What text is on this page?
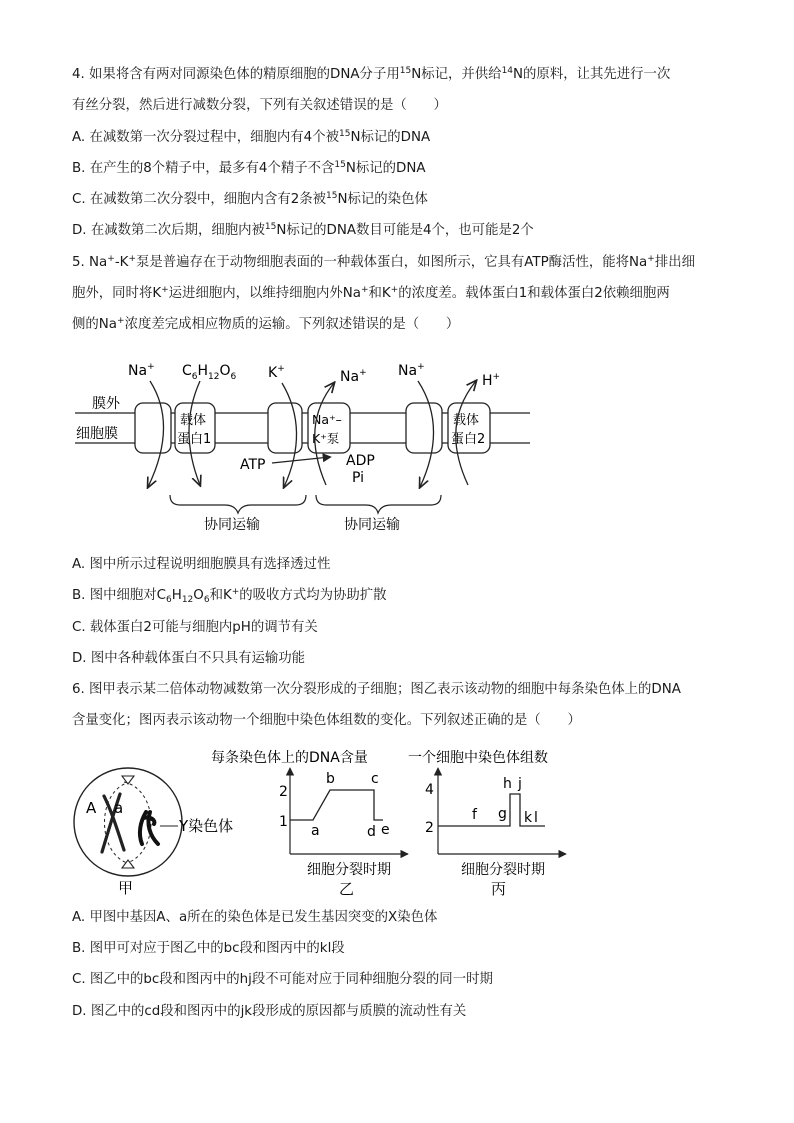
4. 如果将含有两对同源染色体的精原细胞的DNA分子用$^{15}$N标记，并供给$^{14}$N的原料，让其先进行一次
有丝分裂，然后进行减数分裂，下列有关叙述错误的是（　　）
A. 在减数第一次分裂过程中，细胞内有4个被$^{15}$N标记的DNA
B. 在产生的8个精子中，最多有4个精子不含$^{15}$N标记的DNA
C. 在减数第二次分裂中，细胞内含有2条被$^{15}$N标记的染色体
D. 在减数第二次后期，细胞内被$^{15}$N标记的DNA数目可能是4个，也可能是2个
5. Na+-K+泵是普遍存在于动物细胞表面的一种载体蛋白，如图所示，它具有ATP酶活性，能将Na+排出细
胞外，同时将K+运进细胞内，以维持细胞内外Na+和K+的浓度差。载体蛋白1和载体蛋白2依赖细胞两
侧的Na+浓度差完成相应物质的运输。下列叙述错误的是（　　）
膜外
细胞膜
载体
蛋白1
Na⁺–
K⁺泵
载体
蛋白2
Na+ $C_6H_{12}O_6$ K+	Na+ Na+
H+
ATP	ADP
Pi
协同运输	协同运输
A. 图中所示过程说明细胞膜具有选择透过性
B. 图中细胞对$C_6H_{12}O_6$和K+的吸收方式均为协助扩散
C. 载体蛋白2可能与细胞内pH的调节有关
D. 图中各种载体蛋白不只具有运输功能
6. 图甲表示某二倍体动物减数第一次分裂形成的子细胞；图乙表示该动物的细胞中每条染色体上的DNA
含量变化；图丙表示该动物一个细胞中染色体组数的变化。下列叙述正确的是（　　）
A a
Y染色体
甲
每条染色体上的DNA含量
2
1
a
b	c
d e
细胞分裂时期
乙
一个细胞中染色体组数
4
2
f g
h j
k l
细胞分裂时期
丙
A. 甲图中基因A、a所在的染色体是已发生基因突变的X染色体
B. 图甲可对应于图乙中的bc段和图丙中的kl段
C. 图乙中的bc段和图丙中的hj段不可能对应于同种细胞分裂的同一时期
D. 图乙中的cd段和图丙中的jk段形成的原因都与质膜的流动性有关
